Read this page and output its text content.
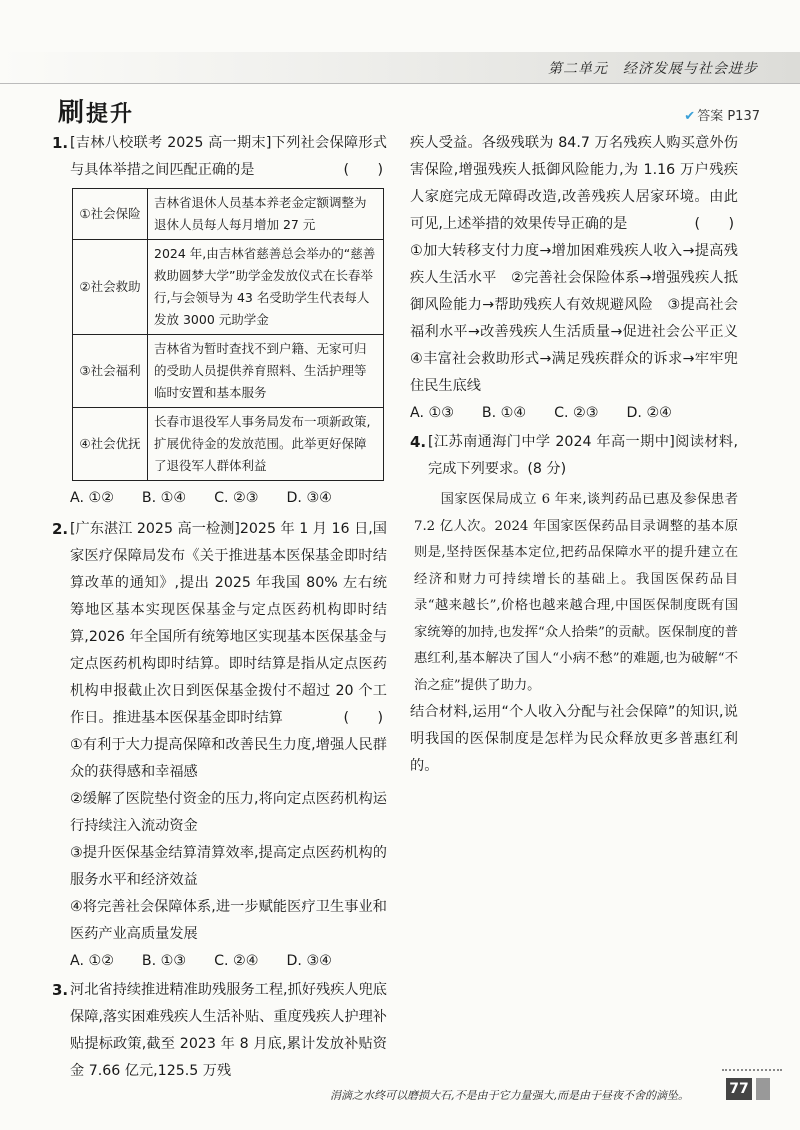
第二单元　经济发展与社会进步
刷提升	✔ 答案 P137
1. [吉林八校联考 2025 高一期末]下列社会保障形式与具体举措之间匹配正确的是	(　　)
①社会保险	吉林省退休人员基本养老金定额调整为退休人员每人每月增加 27 元
②社会救助	2024 年,由吉林省慈善总会举办的“慈善救助圆梦大学”助学金发放仪式在长春举行,与会领导为 43 名受助学生代表每人发放 3000 元助学金
③社会福利	吉林省为暂时查找不到户籍、无家可归的受助人员提供养育照料、生活护理等临时安置和基本服务
④社会优抚	长春市退役军人事务局发布一项新政策,扩展优待金的发放范围。此举更好保障了退役军人群体利益
A. ①② B. ①④ C. ②③ D. ③④
2. [广东湛江 2025 高一检测]2025 年 1 月 16 日,国家医疗保障局发布《关于推进基本医保基金即时结算改革的通知》,提出 2025 年我国 80% 左右统筹地区基本实现医保基金与定点医药机构即时结算,2026 年全国所有统筹地区实现基本医保基金与定点医药机构即时结算。即时结算是指从定点医药机构申报截止次日到医保基金拨付不超过 20 个工作日。推进基本医保基金即时结算	(　　)
①有利于大力提高保障和改善民生力度,增强人民群众的获得感和幸福感
②缓解了医院垫付资金的压力,将向定点医药机构运行持续注入流动资金
③提升医保基金结算清算效率,提高定点医药机构的服务水平和经济效益
④将完善社会保障体系,进一步赋能医疗卫生事业和医药产业高质量发展
A. ①② B. ①③ C. ②④ D. ③④
3. 河北省持续推进精准助残服务工程,抓好残疾人兜底保障,落实困难残疾人生活补贴、重度残疾人护理补贴提标政策,截至 2023 年 8 月底,累计发放补贴资金 7.66 亿元,125.5 万残
疾人受益。各级残联为 84.7 万名残疾人购买意外伤害保险,增强残疾人抵御风险能力,为 1.16 万户残疾人家庭完成无障碍改造,改善残疾人居家环境。由此可见,上述举措的效果传导正确的是	(　　)
①加大转移支付力度→增加困难残疾人收入→提高残疾人生活水平　②完善社会保险体系→增强残疾人抵御风险能力→帮助残疾人有效规避风险　③提高社会福利水平→改善残疾人生活质量→促进社会公平正义　④丰富社会救助形式→满足残疾群众的诉求→牢牢兜住民生底线
A. ①③ B. ①④ C. ②③ D. ②④
4. [江苏南通海门中学 2024 年高一期中]阅读材料,完成下列要求。(8 分)
国家医保局成立 6 年来,谈判药品已惠及参保患者 7.2 亿人次。2024 年国家医保药品目录调整的基本原则是,坚持医保基本定位,把药品保障水平的提升建立在经济和财力可持续增长的基础上。我国医保药品目录“越来越长”,价格也越来越合理,中国医保制度既有国家统筹的加持,也发挥“众人拾柴”的贡献。医保制度的普惠红利,基本解决了国人“小病不愁”的难题,也为破解“不治之症”提供了助力。
结合材料,运用“个人收入分配与社会保障”的知识,说明我国的医保制度是怎样为民众释放更多普惠红利的。
涓滴之水终可以磨损大石,不是由于它力量强大,而是由于昼夜不舍的滴坠。	77
